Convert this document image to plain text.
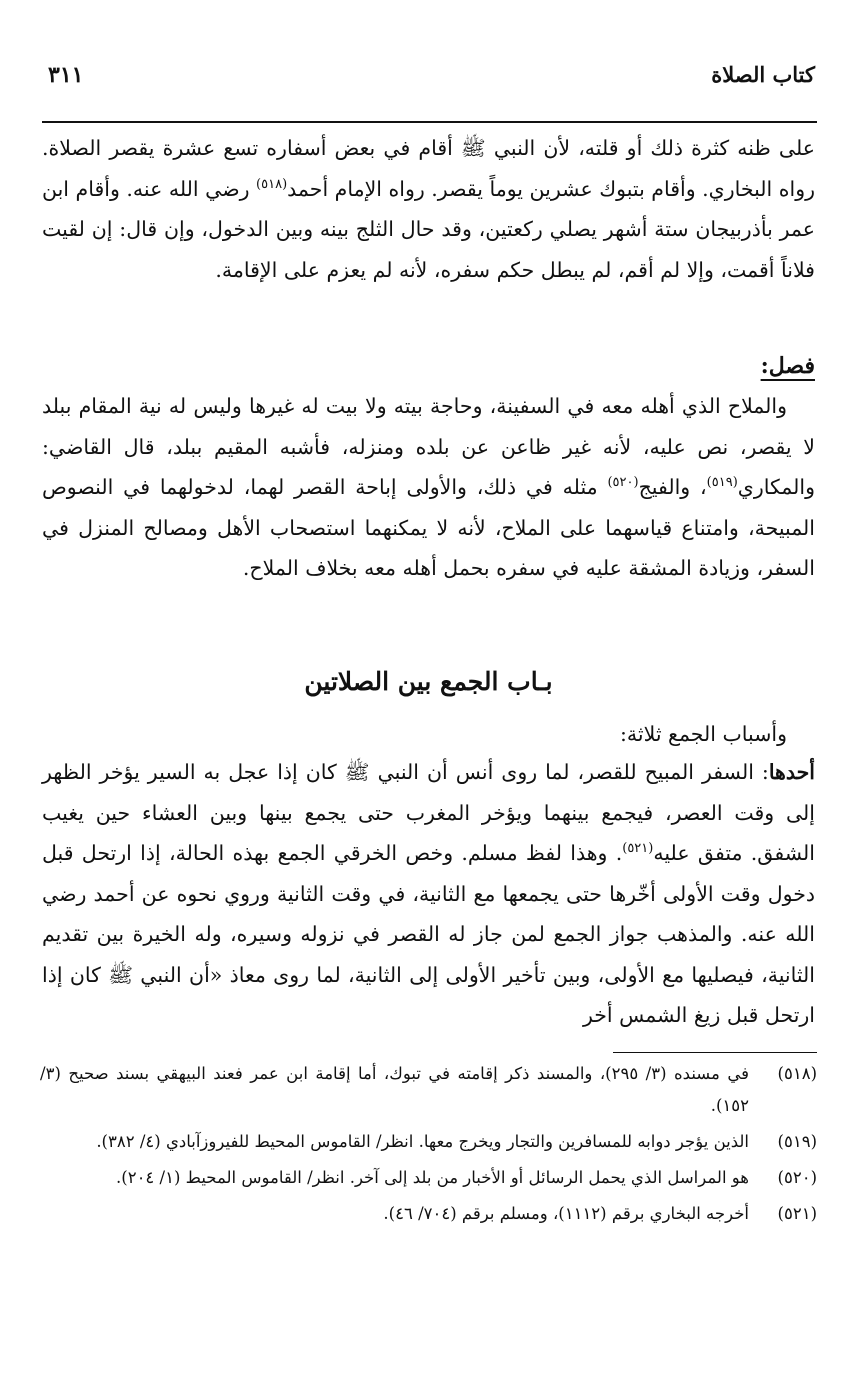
كتاب الصلاة
٣١١
على ظنه كثرة ذلك أو قلته، لأن النبي ﷺ أقام في بعض أسفاره تسع عشرة يقصر الصلاة. رواه البخاري. وأقام بتبوك عشرين يوماً يقصر. رواه الإمام أحمد$^{(٥١٨)}$ رضي الله عنه. وأقام ابن عمر بأذربيجان ستة أشهر يصلي ركعتين، وقد حال الثلج بينه وبين الدخول، وإن قال: إن لقيت فلاناً أقمت، وإلا لم أقم، لم يبطل حكم سفره، لأنه لم يعزم على الإقامة.
فصل:
والملاح الذي أهله معه في السفينة، وحاجة بيته ولا بيت له غيرها وليس له نية المقام ببلد لا يقصر، نص عليه، لأنه غير ظاعن عن بلده ومنزله، فأشبه المقيم ببلد، قال القاضي: والمكاري$^{(٥١٩)}$، والفيج$^{(٥٢٠)}$ مثله في ذلك، والأولى إباحة القصر لهما، لدخولهما في النصوص المبيحة، وامتناع قياسهما على الملاح، لأنه لا يمكنهما استصحاب الأهل ومصالح المنزل في السفر، وزيادة المشقة عليه في سفره بحمل أهله معه بخلاف الملاح.
بـاب الجمع بين الصلاتين
وأسباب الجمع ثلاثة:
أحدها: السفر المبيح للقصر، لما روى أنس أن النبي ﷺ كان إذا عجل به السير يؤخر الظهر إلى وقت العصر، فيجمع بينهما ويؤخر المغرب حتى يجمع بينها وبين العشاء حين يغيب الشفق. متفق عليه$^{(٥٢١)}$. وهذا لفظ مسلم. وخص الخرقي الجمع بهذه الحالة، إذا ارتحل قبل دخول وقت الأولى أخّرها حتى يجمعها مع الثانية، في وقت الثانية وروي نحوه عن أحمد رضي الله عنه. والمذهب جواز الجمع لمن جاز له القصر في نزوله وسيره، وله الخيرة بين تقديم الثانية، فيصليها مع الأولى، وبين تأخير الأولى إلى الثانية، لما روى معاذ «أن النبي ﷺ كان إذا ارتحل قبل زيغ الشمس أخر
(٥١٨)
في مسنده (٣/ ٢٩٥)، والمسند ذكر إقامته في تبوك، أما إقامة ابن عمر فعند البيهقي بسند صحيح (٣/ ١٥٢).
(٥١٩)
الذين يؤجر دوابه للمسافرين والتجار ويخرج معها. انظر/ القاموس المحيط للفيروزآبادي (٤/ ٣٨٢).
(٥٢٠)
هو المراسل الذي يحمل الرسائل أو الأخبار من بلد إلى آخر. انظر/ القاموس المحيط (١/ ٢٠٤).
(٥٢١)
أخرجه البخاري برقم (١١١٢)، ومسلم برقم (٧٠٤/ ٤٦).
